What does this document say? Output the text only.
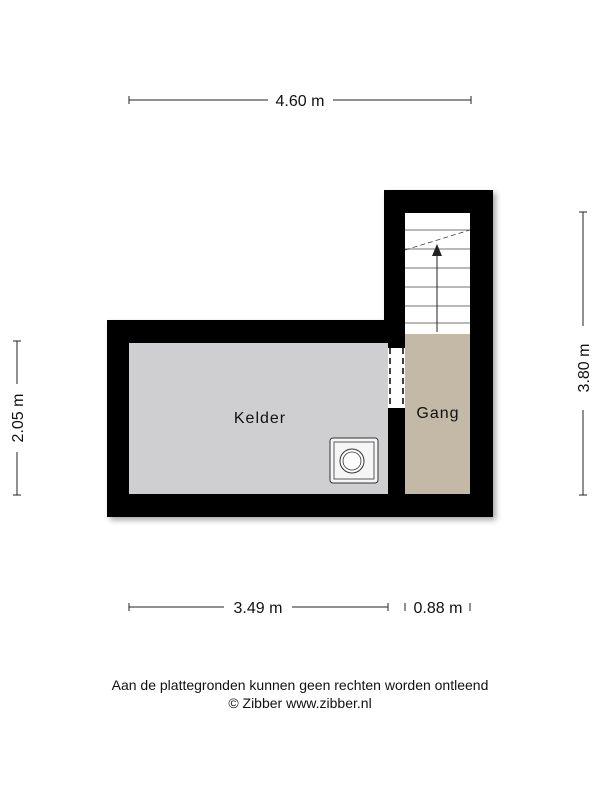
4.60 m
2.05 m
3.80 m
3.49 m	0.88 m
Kelder	Gang
Aan de plattegronden kunnen geen rechten worden ontleend
© Zibber www.zibber.nl
